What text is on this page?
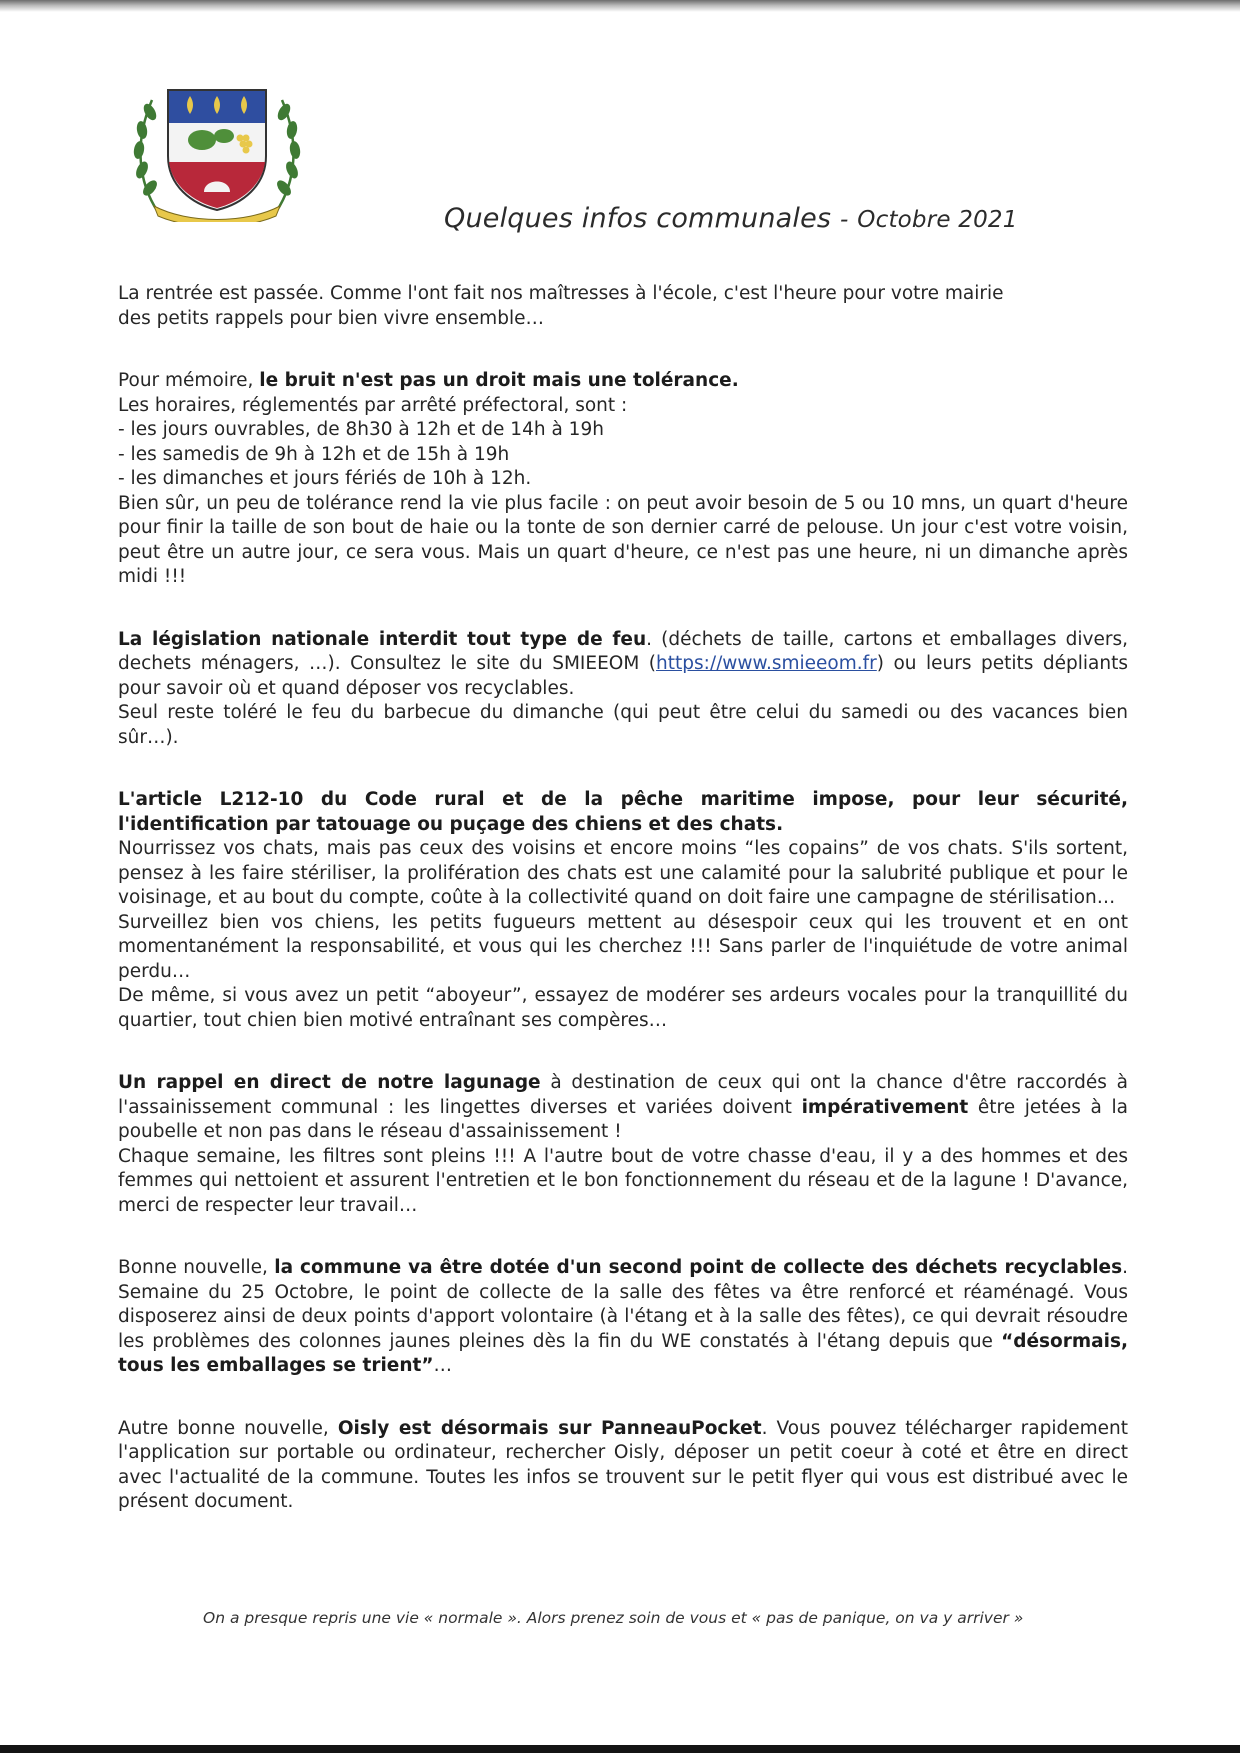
Quelques infos communales - Octobre 2021

La rentrée est passée. Comme l'ont fait nos maîtresses à l'école, c'est l'heure pour votre mairie
des petits rappels pour bien vivre ensemble…

Pour mémoire, le bruit n'est pas un droit mais une tolérance.
Les horaires, réglementés par arrêté préfectoral, sont :
- les jours ouvrables, de 8h30 à 12h et de 14h à 19h
- les samedis de 9h à 12h et de 15h à 19h
- les dimanches et jours fériés de 10h à 12h.
Bien sûr, un peu de tolérance rend la vie plus facile : on peut avoir besoin de 5 ou 10 mns, un quart d'heure pour finir la taille de son bout de haie ou la tonte de son dernier carré de pelouse. Un jour c'est votre voisin, peut être un autre jour, ce sera vous. Mais un quart d'heure, ce n'est pas une heure, ni un dimanche après midi !!!

La législation nationale interdit tout type de feu. (déchets de taille, cartons et emballages divers, dechets ménagers, …). Consultez le site du SMIEEOM (https://www.smieeom.fr) ou leurs petits dépliants pour savoir où et quand déposer vos recyclables.
Seul reste toléré le feu du barbecue du dimanche (qui peut être celui du samedi ou des vacances bien sûr…).

L'article L212-10 du Code rural et de la pêche maritime impose, pour leur sécurité, l'identification par tatouage ou puçage des chiens et des chats.
Nourrissez vos chats, mais pas ceux des voisins et encore moins “les copains” de vos chats. S'ils sortent, pensez à les faire stériliser, la prolifération des chats est une calamité pour la salubrité publique et pour le voisinage, et au bout du compte, coûte à la collectivité quand on doit faire une campagne de stérilisation…
Surveillez bien vos chiens, les petits fugueurs mettent au désespoir ceux qui les trouvent et en ont momentanément la responsabilité, et vous qui les cherchez !!! Sans parler de l'inquiétude de votre animal perdu…
De même, si vous avez un petit “aboyeur”, essayez de modérer ses ardeurs vocales pour la tranquillité du quartier, tout chien bien motivé entraînant ses compères…

Un rappel en direct de notre lagunage à destination de ceux qui ont la chance d'être raccordés à l'assainissement communal : les lingettes diverses et variées doivent impérativement être jetées à la poubelle et non pas dans le réseau d'assainissement !
Chaque semaine, les filtres sont pleins !!! A l'autre bout de votre chasse d'eau, il y a des hommes et des femmes qui nettoient et assurent l'entretien et le bon fonctionnement du réseau et de la lagune ! D'avance, merci de respecter leur travail…

Bonne nouvelle, la commune va être dotée d'un second point de collecte des déchets recyclables. Semaine du 25 Octobre, le point de collecte de la salle des fêtes va être renforcé et réaménagé. Vous disposerez ainsi de deux points d'apport volontaire (à l'étang et à la salle des fêtes), ce qui devrait résoudre les problèmes des colonnes jaunes pleines dès la fin du WE constatés à l'étang depuis que “désormais, tous les emballages se trient”…

Autre bonne nouvelle, Oisly est désormais sur PanneauPocket. Vous pouvez télécharger rapidement l'application sur portable ou ordinateur, rechercher Oisly, déposer un petit coeur à coté et être en direct avec l'actualité de la commune. Toutes les infos se trouvent sur le petit flyer qui vous est distribué avec le présent document.

On a presque repris une vie « normale ». Alors prenez soin de vous et « pas de panique, on va y arriver »
